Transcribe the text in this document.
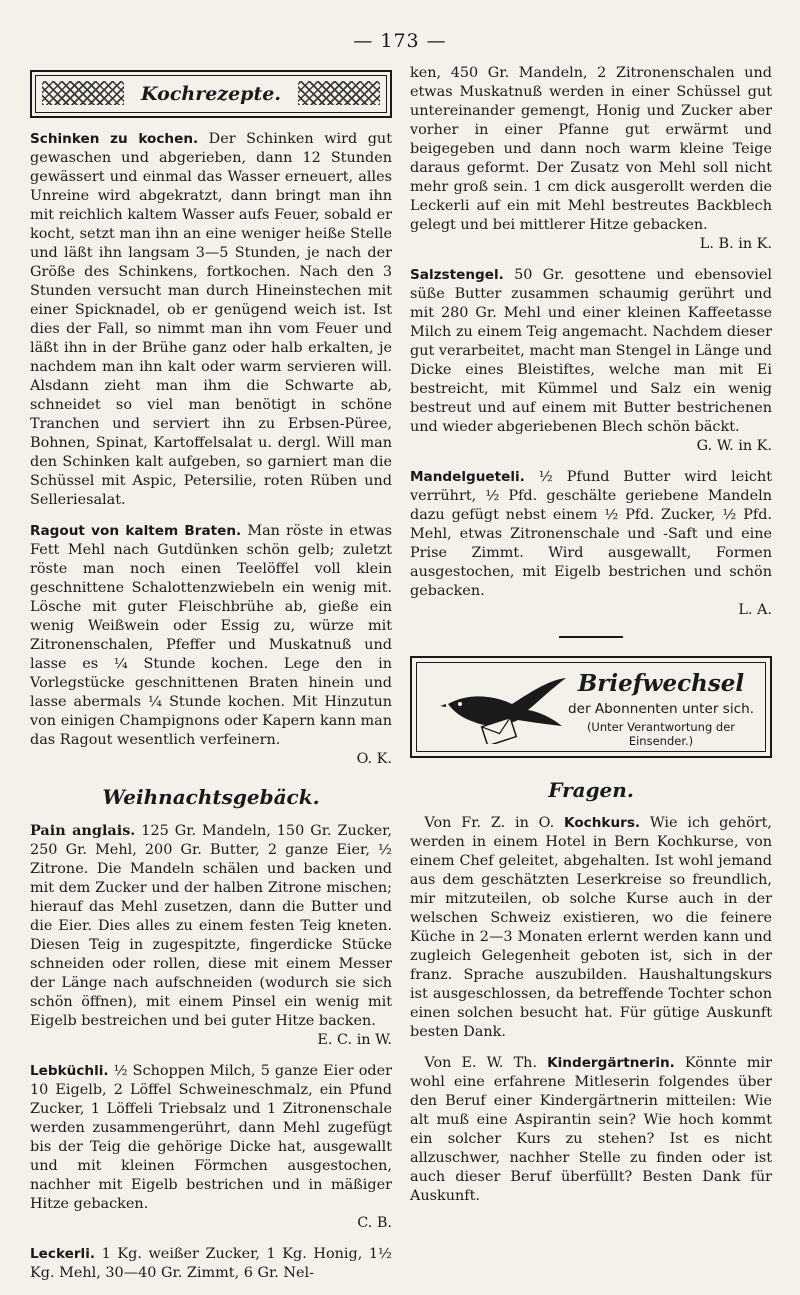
— 173 —
Kochrezepte.

Schinken zu kochen. Der Schinken wird gut gewaschen und abgerieben, dann 12 Stunden gewässert und einmal das Wasser erneuert, alles Unreine wird abgekratzt, dann bringt man ihn mit reichlich kaltem Wasser aufs Feuer, sobald er kocht, setzt man ihn an eine weniger heiße Stelle und läßt ihn langsam 3—5 Stunden, je nach der Größe des Schinkens, fortkochen. Nach den 3 Stunden versucht man durch Hineinstechen mit einer Spicknadel, ob er genügend weich ist. Ist dies der Fall, so nimmt man ihn vom Feuer und läßt ihn in der Brühe ganz oder halb erkalten, je nachdem man ihn kalt oder warm servieren will. Alsdann zieht man ihm die Schwarte ab, schneidet so viel man benötigt in schöne Tranchen und serviert ihn zu Erbsen-Püree, Bohnen, Spinat, Kartoffelsalat u. dergl. Will man den Schinken kalt aufgeben, so garniert man die Schüssel mit Aspic, Petersilie, roten Rüben und Selleriesalat.

Ragout von kaltem Braten. Man röste in etwas Fett Mehl nach Gutdünken schön gelb; zuletzt röste man noch einen Teelöffel voll klein geschnittene Schalottenzwiebeln ein wenig mit. Lösche mit guter Fleischbrühe ab, gieße ein wenig Weißwein oder Essig zu, würze mit Zitronenschalen, Pfeffer und Muskatnuß und lasse es ¼ Stunde kochen. Lege den in Vorlegstücke geschnittenen Braten hinein und lasse abermals ¼ Stunde kochen. Mit Hinzutun von einigen Champignons oder Kapern kann man das Ragout wesentlich verfeinern.

O. K.

Weihnachtsgebäck.

Pain anglais. 125 Gr. Mandeln, 150 Gr. Zucker, 250 Gr. Mehl, 200 Gr. Butter, 2 ganze Eier, ½ Zitrone. Die Mandeln schälen und backen und mit dem Zucker und der halben Zitrone mischen; hierauf das Mehl zusetzen, dann die Butter und die Eier. Dies alles zu einem festen Teig kneten. Diesen Teig in zugespitzte, fingerdicke Stücke schneiden oder rollen, diese mit einem Messer der Länge nach aufschneiden (wodurch sie sich schön öffnen), mit einem Pinsel ein wenig mit Eigelb bestreichen und bei guter Hitze backen.

E. C. in W.

Lebküchli. ½ Schoppen Milch, 5 ganze Eier oder 10 Eigelb, 2 Löffel Schweineschmalz, ein Pfund Zucker, 1 Löffeli Triebsalz und 1 Zitronenschale werden zusammengerührt, dann Mehl zugefügt bis der Teig die gehörige Dicke hat, ausgewallt und mit kleinen Förmchen ausgestochen, nachher mit Eigelb bestrichen und in mäßiger Hitze gebacken.

C. B.

Leckerli. 1 Kg. weißer Zucker, 1 Kg. Honig, 1½ Kg. Mehl, 30—40 Gr. Zimmt, 6 Gr. Nel-

ken, 450 Gr. Mandeln, 2 Zitronenschalen und etwas Muskatnuß werden in einer Schüssel gut untereinander gemengt, Honig und Zucker aber vorher in einer Pfanne gut erwärmt und beigegeben und dann noch warm kleine Teige daraus geformt. Der Zusatz von Mehl soll nicht mehr groß sein. 1 cm dick ausgerollt werden die Leckerli auf ein mit Mehl bestreutes Backblech gelegt und bei mittlerer Hitze gebacken.

L. B. in K.

Salzstengel. 50 Gr. gesottene und ebensoviel süße Butter zusammen schaumig gerührt und mit 280 Gr. Mehl und einer kleinen Kaffeetasse Milch zu einem Teig angemacht. Nachdem dieser gut verarbeitet, macht man Stengel in Länge und Dicke eines Bleistiftes, welche man mit Ei bestreicht, mit Kümmel und Salz ein wenig bestreut und auf einem mit Butter bestrichenen und wieder abgeriebenen Blech schön bäckt.

G. W. in K.

Mandelgueteli. ½ Pfund Butter wird leicht verrührt, ½ Pfd. geschälte geriebene Mandeln dazu gefügt nebst einem ½ Pfd. Zucker, ½ Pfd. Mehl, etwas Zitronenschale und -Saft und eine Prise Zimmt. Wird ausgewallt, Formen ausgestochen, mit Eigelb bestrichen und schön gebacken.

L. A.

Briefwechsel
der Abonnenten unter sich.
(Unter Verantwortung der Einsender.)
Fragen.

 Von Fr. Z. in O. Kochkurs. Wie ich gehört, werden in einem Hotel in Bern Kochkurse, von einem Chef geleitet, abgehalten. Ist wohl jemand aus dem geschätzten Leserkreise so freundlich, mir mitzuteilen, ob solche Kurse auch in der welschen Schweiz existieren, wo die feinere Küche in 2—3 Monaten erlernt werden kann und zugleich Gelegenheit geboten ist, sich in der franz. Sprache auszubilden. Haushaltungskurs ist ausgeschlossen, da betreffende Tochter schon einen solchen besucht hat. Für gütige Auskunft besten Dank.

 Von E. W. Th. Kindergärtnerin. Könnte mir wohl eine erfahrene Mitleserin folgendes über den Beruf einer Kindergärtnerin mitteilen: Wie alt muß eine Aspirantin sein? Wie hoch kommt ein solcher Kurs zu stehen? Ist es nicht allzuschwer, nachher Stelle zu finden oder ist auch dieser Beruf überfüllt? Besten Dank für Auskunft.
